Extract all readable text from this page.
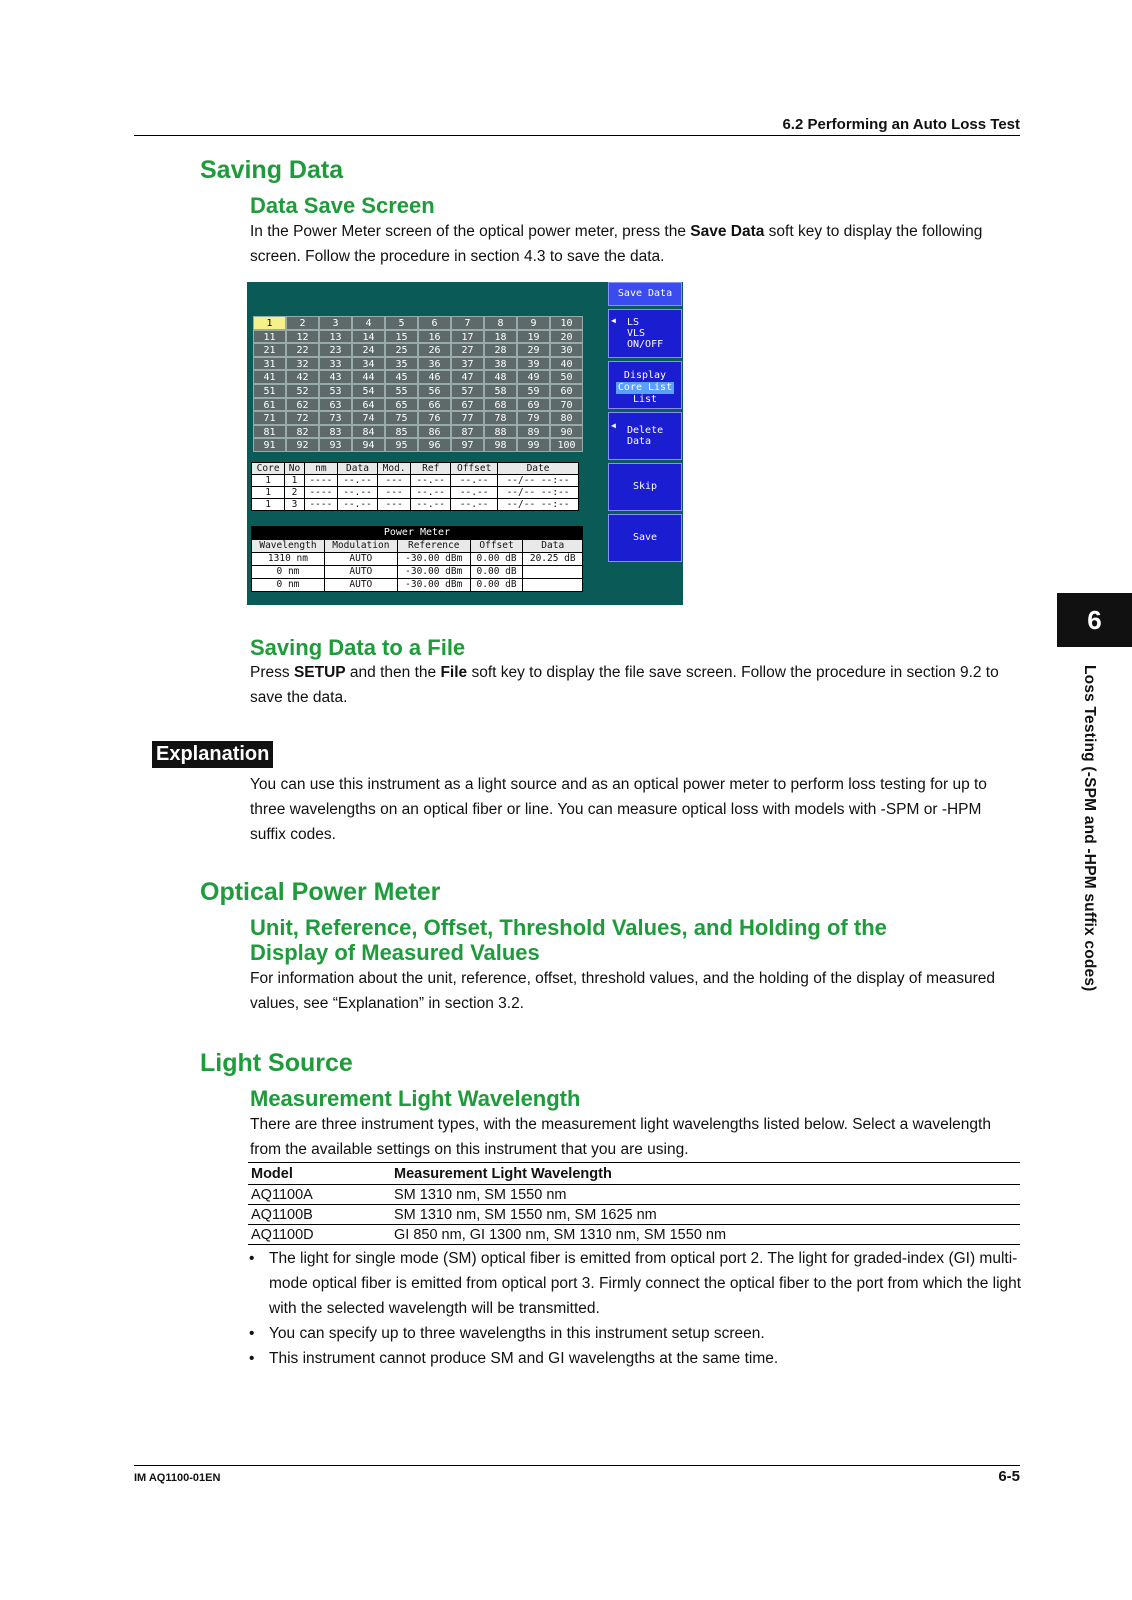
6.2 Performing an Auto Loss Test
Saving Data
Data Save Screen
In the Power Meter screen of the optical power meter, press the Save Data soft key to display the following screen. Follow the procedure in section 4.3 to save the data.
1	2	3	4	5	6	7	8	9	10
11	12	13	14	15	16	17	18	19	20
21	22	23	24	25	26	27	28	29	30
31	32	33	34	35	36	37	38	39	40
41	42	43	44	45	46	47	48	49	50
51	52	53	54	55	56	57	58	59	60
61	62	63	64	65	66	67	68	69	70
71	72	73	74	75	76	77	78	79	80
81	82	83	84	85	86	87	88	89	90
91	92	93	94	95	96	97	98	99	100
Core	No	nm	Data	Mod.	Ref	Offset	Date
1	1	----	--.--	---	--.--	--.--	--/-- --:--
1	2	----	--.--	---	--.--	--.--	--/-- --:--
1	3	----	--.--	---	--.--	--.--	--/-- --:--
Power Meter
Wavelength	Modulation	Reference	Offset	Data
1310 nm	AUTO	-30.00 dBm	0.00 dB	20.25 dB
0 nm	AUTO	-30.00 dBm	0.00 dB	
0 nm	AUTO	-30.00 dBm	0.00 dB	
Save Data
◀ LS
VLS
ON/OFF
Display
Core List
List
◀ Delete
Data
Skip
Save
Saving Data to a File
Press SETUP and then the File soft key to display the file save screen. Follow the procedure in section 9.2 to save the data.
Explanation
You can use this instrument as a light source and as an optical power meter to perform loss testing for up to three wavelengths on an optical fiber or line. You can measure optical loss with models with -SPM or -HPM suffix codes.
Optical Power Meter
Unit, Reference, Offset, Threshold Values, and Holding of the
Display of Measured Values
For information about the unit, reference, offset, threshold values, and the holding of the display of measured values, see “Explanation” in section 3.2.
Light Source
Measurement Light Wavelength
There are three instrument types, with the measurement light wavelengths listed below. Select a wavelength from the available settings on this instrument that you are using.
Model	Measurement Light Wavelength
AQ1100A	SM 1310 nm, SM 1550 nm
AQ1100B	SM 1310 nm, SM 1550 nm, SM 1625 nm
AQ1100D	GI 850 nm, GI 1300 nm, SM 1310 nm, SM 1550 nm
• The light for single mode (SM) optical fiber is emitted from optical port 2. The light for graded-index (GI) multi-mode optical fiber is emitted from optical port 3. Firmly connect the optical fiber to the port from which the light with the selected wavelength will be transmitted.
• You can specify up to three wavelengths in this instrument setup screen.
• This instrument cannot produce SM and GI wavelengths at the same time.
6
Loss Testing (-SPM and -HPM suffix codes)
IM AQ1100-01EN	6-5
